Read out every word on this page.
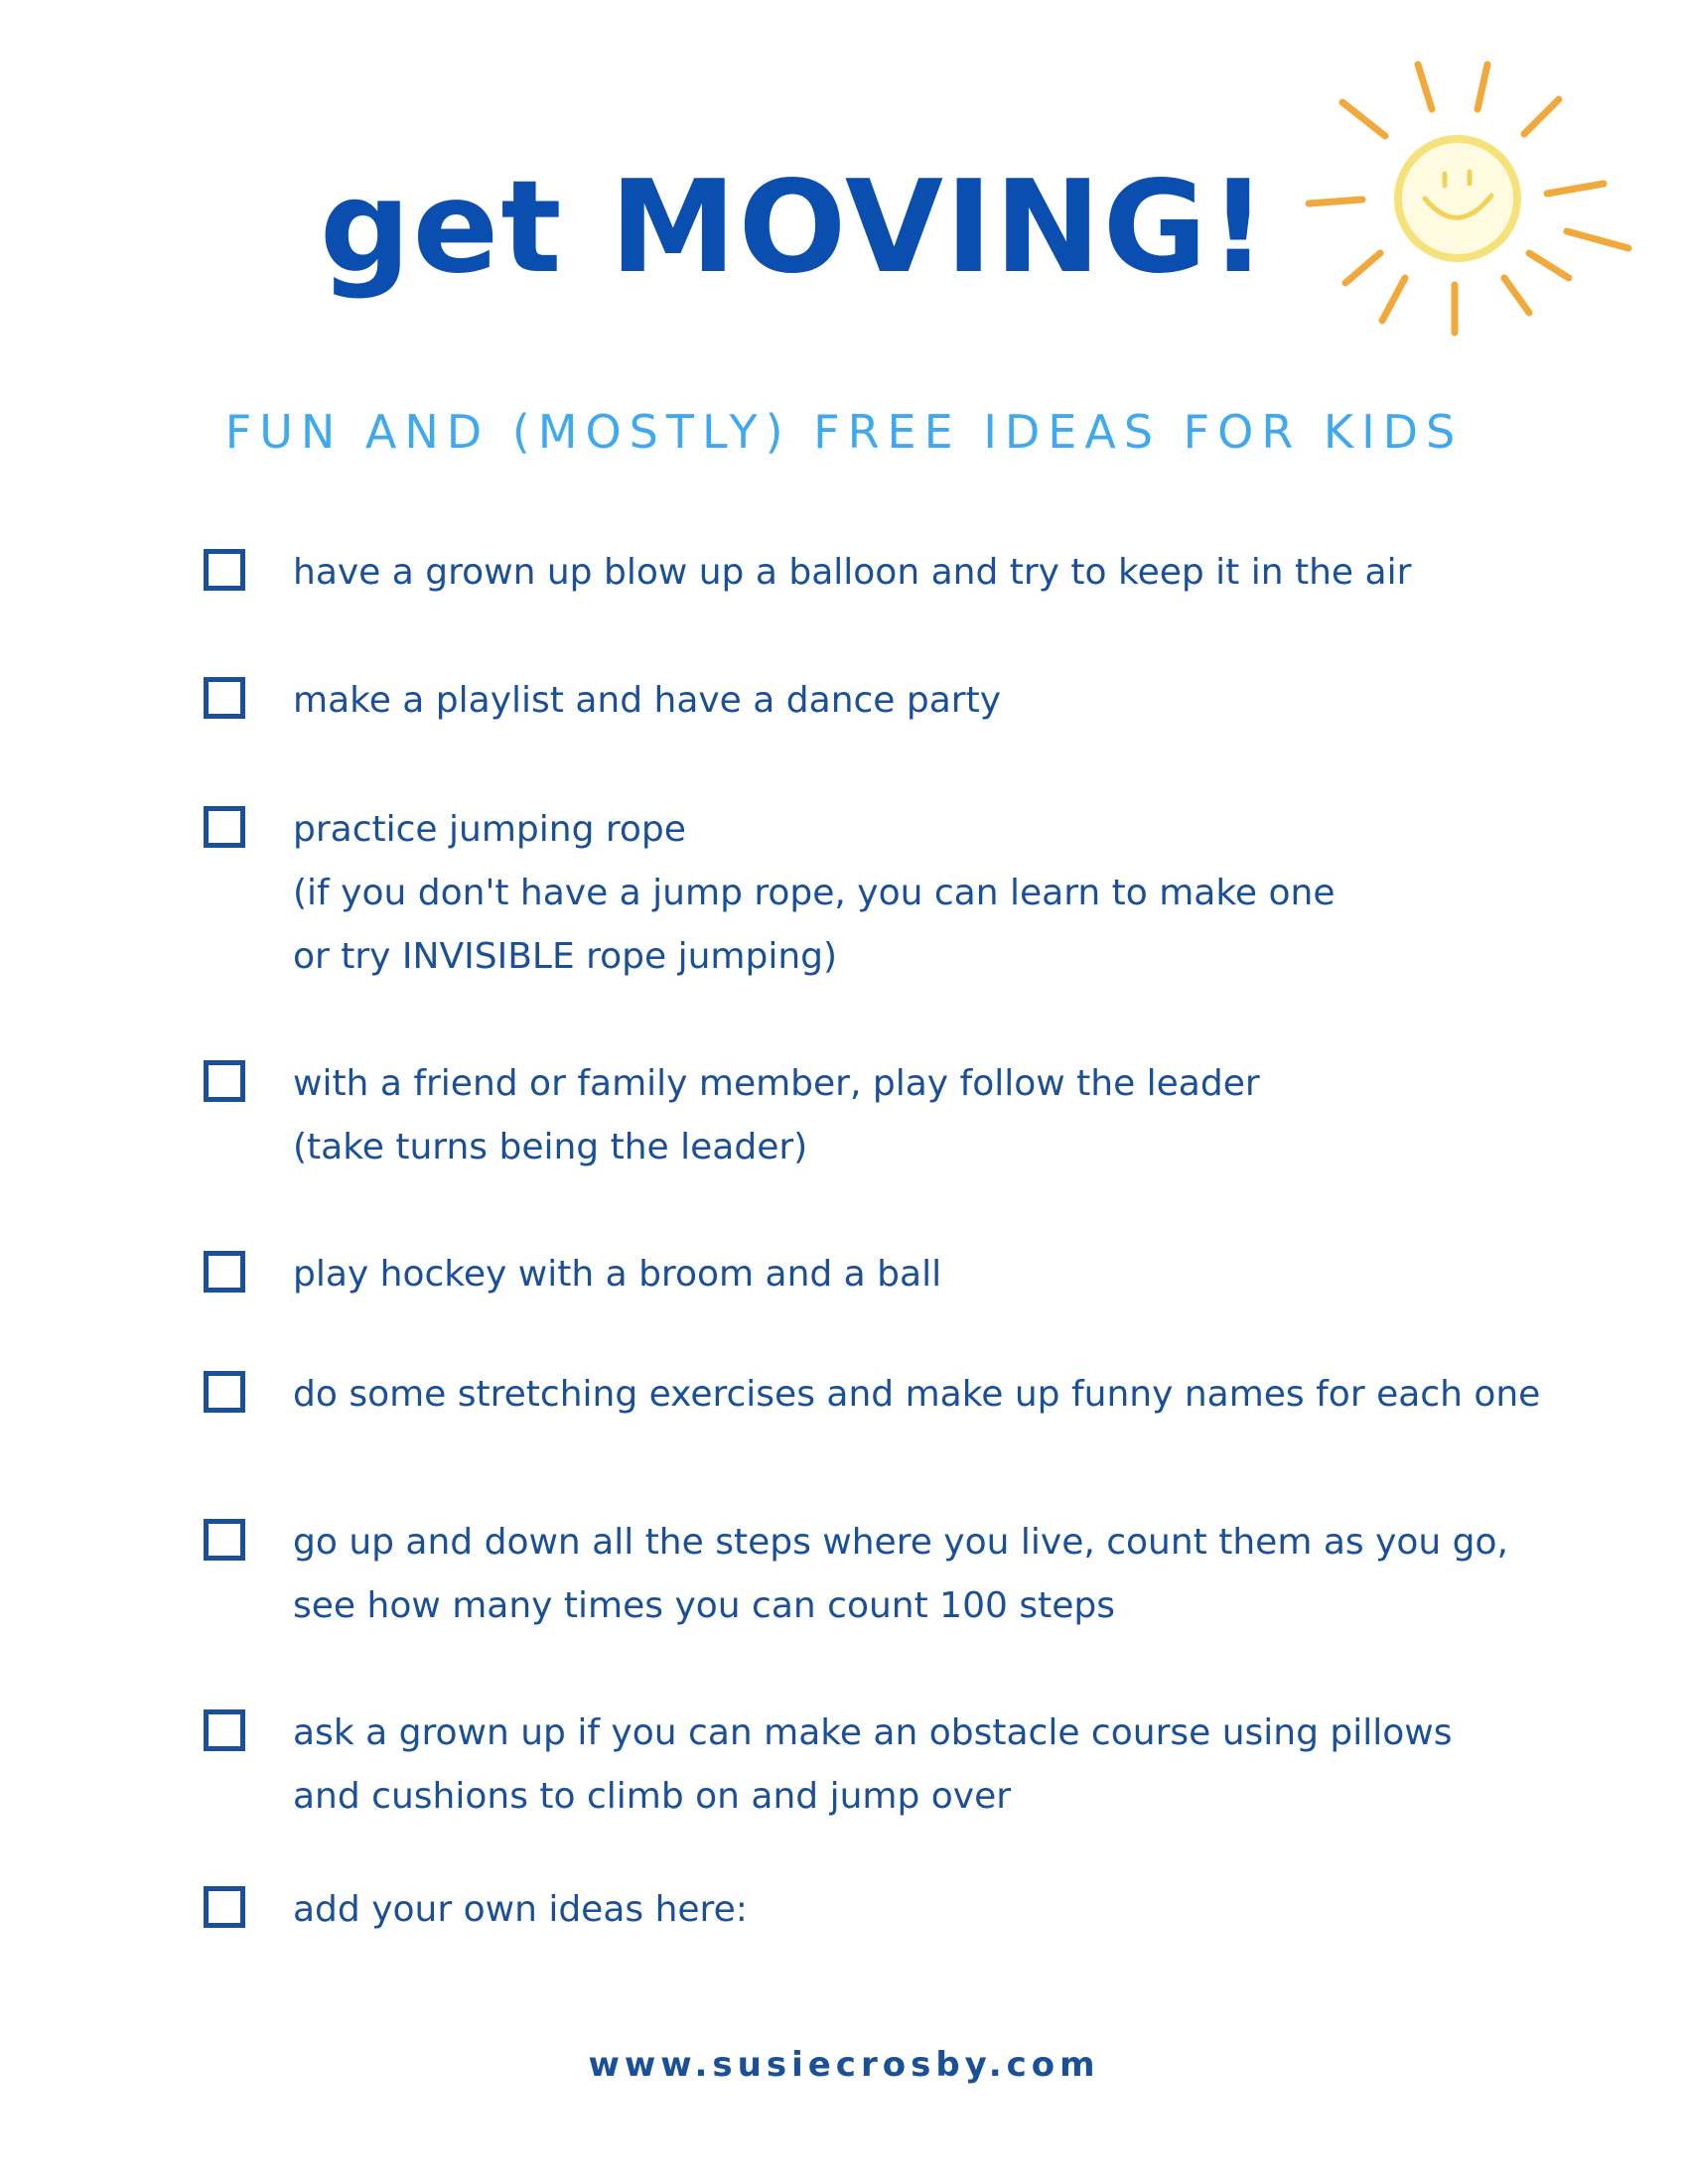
get MOVING!
FUN AND (MOSTLY) FREE IDEAS FOR KIDS
have a grown up blow up a balloon and try to keep it in the air
make a playlist and have a dance party
practice jumping rope
(if you don't have a jump rope, you can learn to make one
or try INVISIBLE rope jumping)
with a friend or family member, play follow the leader
(take turns being the leader)
play hockey with a broom and a ball
do some stretching exercises and make up funny names for each one
go up and down all the steps where you live, count them as you go,
see how many times you can count 100 steps
ask a grown up if you can make an obstacle course using pillows
and cushions to climb on and jump over
add your own ideas here:
www.susiecrosby.com
